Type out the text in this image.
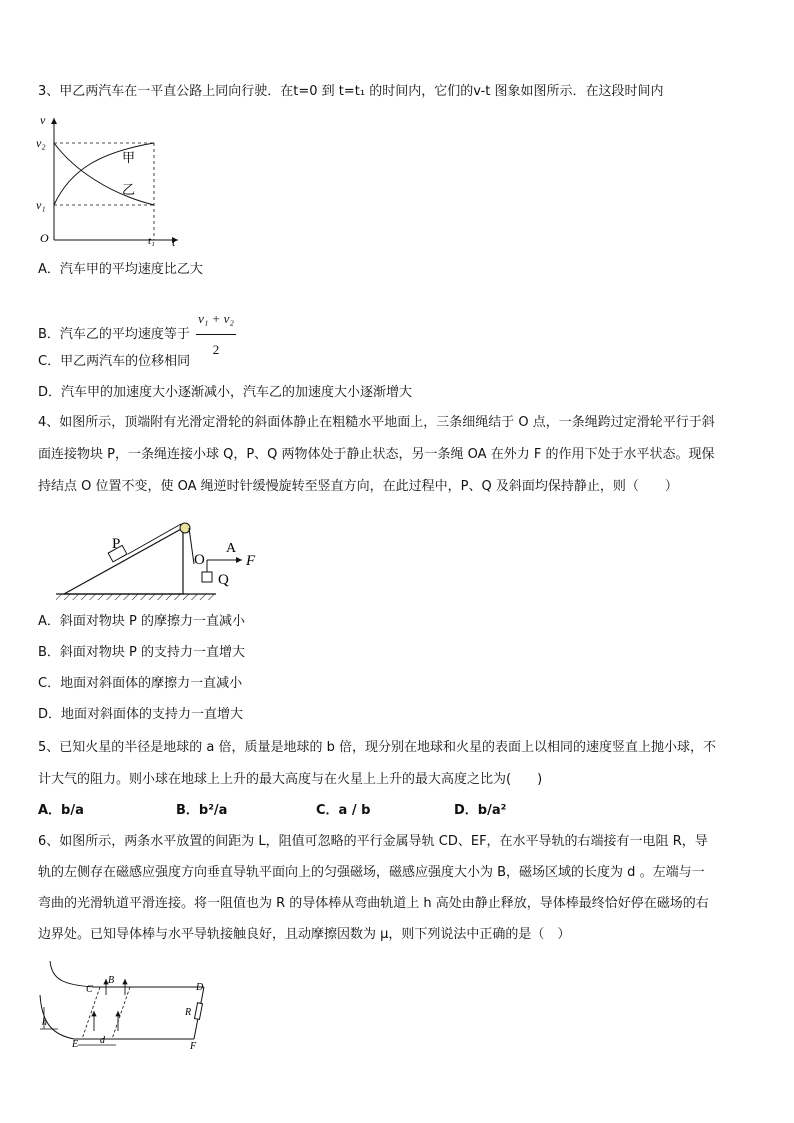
3、甲乙两汽车在一平直公路上同向行驶．在t=0 到 t=t₁ 的时间内，它们的v-t 图象如图所示．在这段时间内
v
v₂
v₁
O	t₁ t
甲
乙
A．汽车甲的平均速度比乙大
B．汽车乙的平均速度等于 $\frac{\text{v₁ + v₂}}{2}$
C．甲乙两汽车的位移相同
D．汽车甲的加速度大小逐渐减小，汽车乙的加速度大小逐渐增大
4、如图所示，顶端附有光滑定滑轮的斜面体静止在粗糙水平地面上，三条细绳结于 O 点，一条绳跨过定滑轮平行于斜
面连接物块 P，一条绳连接小球 Q，P、Q 两物体处于静止状态，另一条绳 OA 在外力 F 的作用下处于水平状态。现保
持结点 O 位置不变，使 OA 绳逆时针缓慢旋转至竖直方向，在此过程中，P、Q 及斜面均保持静止，则（　　）
P
O
A
F
Q
A．斜面对物块 P 的摩擦力一直减小
B．斜面对物块 P 的支持力一直增大
C．地面对斜面体的摩擦力一直减小
D．地面对斜面体的支持力一直增大
5、已知火星的半径是地球的 a 倍，质量是地球的 b 倍，现分别在地球和火星的表面上以相同的速度竖直上抛小球，不
计大气的阻力。则小球在地球上上升的最大高度与在火星上上升的最大高度之比为(　　)
A．b/a	B．b²/a	C．a / b	D．b/a²
6、如图所示，两条水平放置的间距为 L，阻值可忽略的平行金属导轨 CD、EF，在水平导轨的右端接有一电阻 R，导
轨的左侧存在磁感应强度方向垂直导轨平面向上的匀强磁场，磁感应强度大小为 B，磁场区域的长度为 d 。左端与一
弯曲的光滑轨道平滑连接。将一阻值也为 R 的导体棒从弯曲轨道上 h 高处由静止释放，导体棒最终恰好停在磁场的右
边界处。已知导体棒与水平导轨接触良好，且动摩擦因数为 μ，则下列说法中正确的是（　）
C
B
D
R
h
E d
F
